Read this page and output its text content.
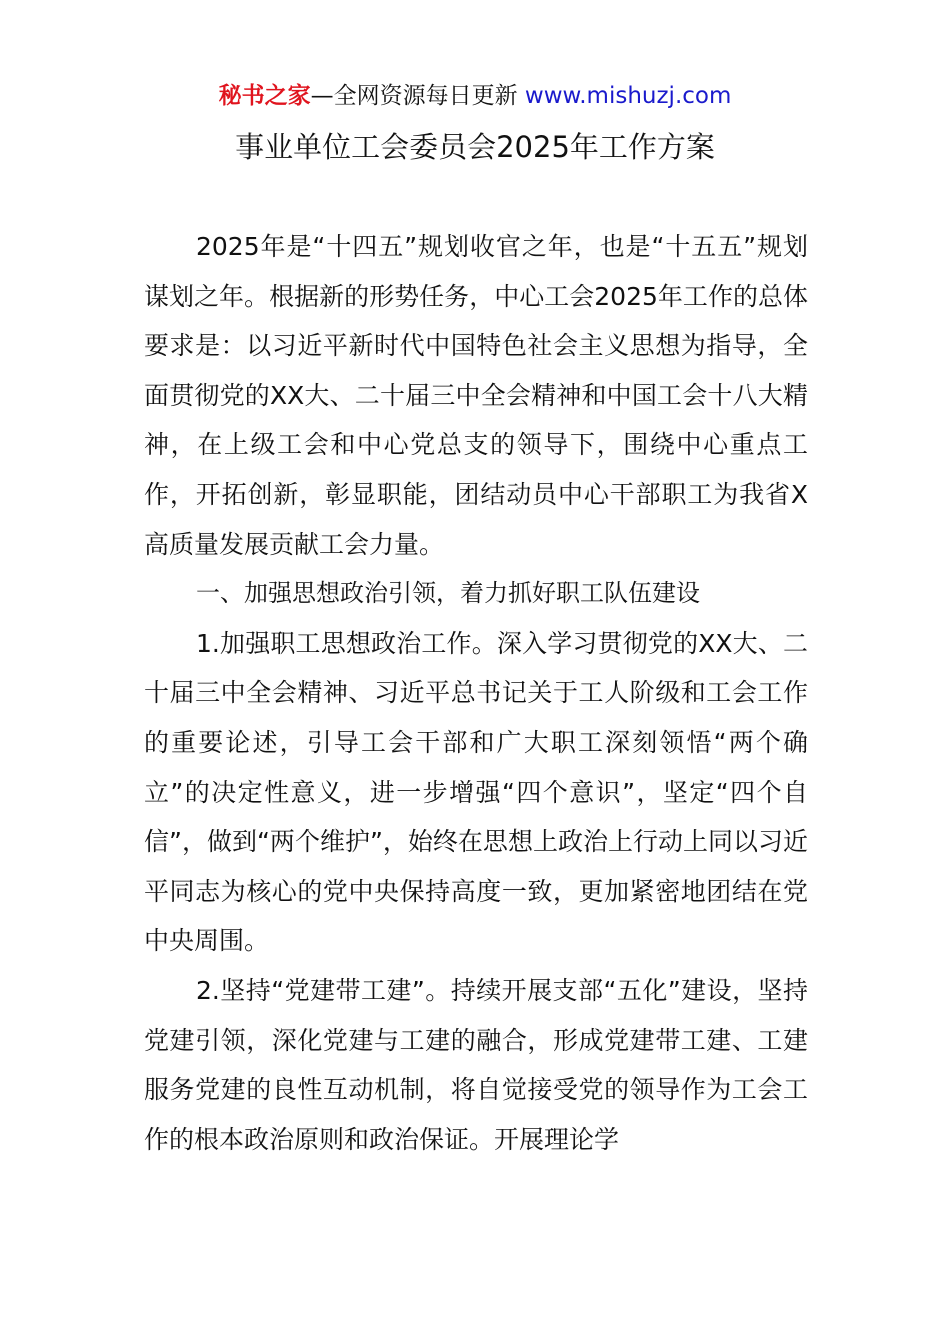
秘书之家—全网资源每日更新 www.mishuzj.com
事业单位工会委员会2025年工作方案

2025年是“十四五”规划收官之年，也是“十五五”规划谋划之年。根据新的形势任务，中心工会2025年工作的总体要求是：以习近平新时代中国特色社会主义思想为指导，全面贯彻党的XX大、二十届三中全会精神和中国工会十八大精神，在上级工会和中心党总支的领导下，围绕中心重点工作，开拓创新，彰显职能，团结动员中心干部职工为我省X高质量发展贡献工会力量。

一、加强思想政治引领，着力抓好职工队伍建设

1.加强职工思想政治工作。深入学习贯彻党的XX大、二十届三中全会精神、习近平总书记关于工人阶级和工会工作的重要论述，引导工会干部和广大职工深刻领悟“两个确立”的决定性意义，进一步增强“四个意识”，坚定“四个自信”，做到“两个维护”，始终在思想上政治上行动上同以习近平同志为核心的党中央保持高度一致，更加紧密地团结在党中央周围。

2.坚持“党建带工建”。持续开展支部“五化”建设，坚持党建引领，深化党建与工建的融合，形成党建带工建、工建服务党建的良性互动机制，将自觉接受党的领导作为工会工作的根本政治原则和政治保证。开展理论学
